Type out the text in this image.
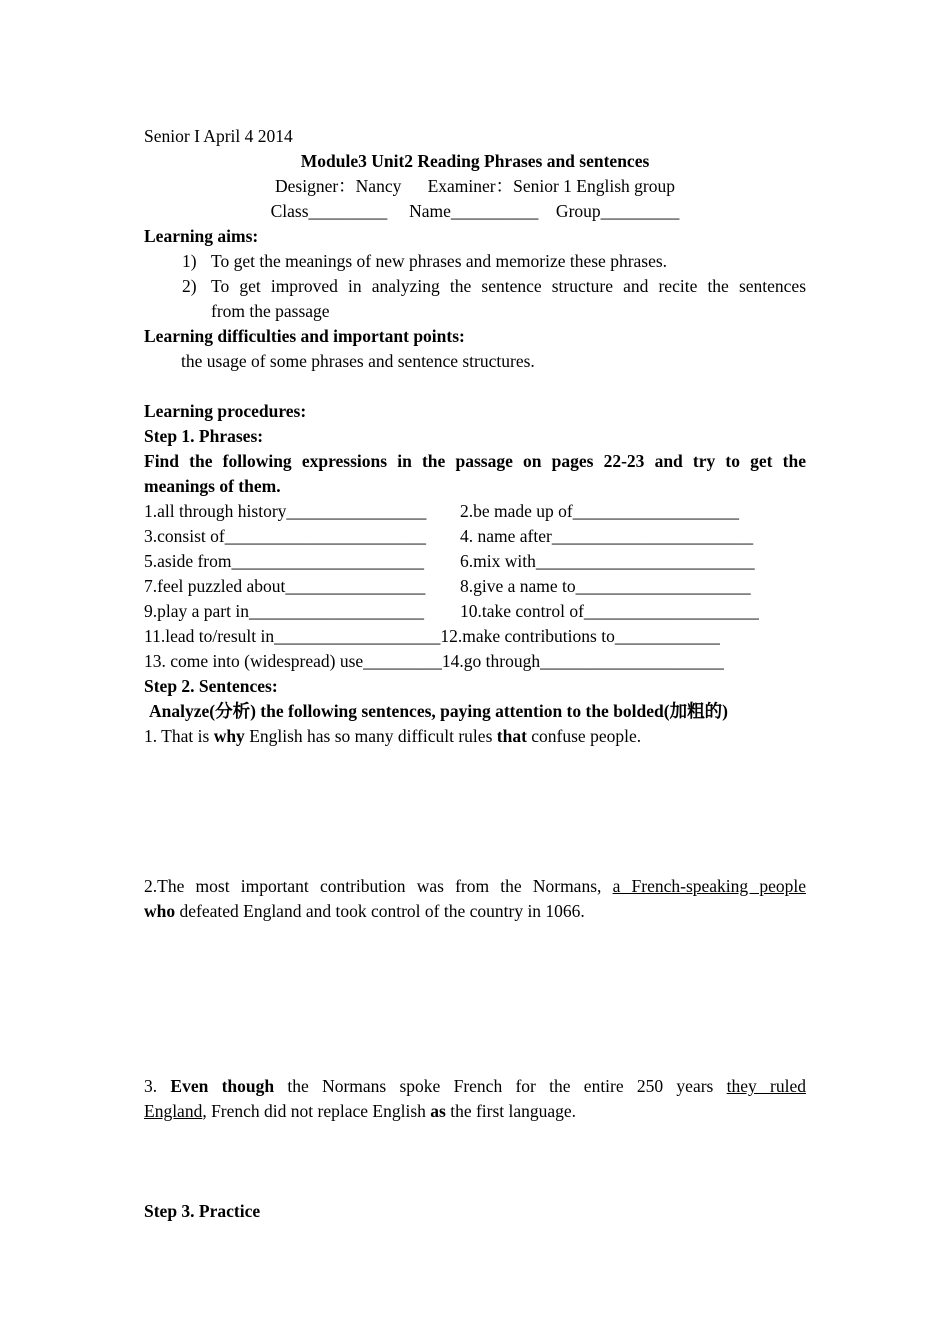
Senior I April 4 2014
Module3 Unit2 Reading Phrases and sentences
Designer：Nancy      Examiner：Senior 1 English group
Class_________     Name__________    Group_________
Learning aims:
1) To get the meanings of new phrases and memorize these phrases.
2) To get improved in analyzing the sentence structure and recite the sentences
from the passage
Learning difficulties and important points:
the usage of some phrases and sentence structures.
Learning procedures:
Step 1. Phrases:
Find the following expressions in the passage on pages 22-23 and try to get the
meanings of them.
1.all through history________________	2.be made up of___________________
3.consist of_______________________	4. name after_______________________
5.aside from______________________	6.mix with_________________________
7.feel puzzled about________________	8.give a name to____________________
9.play a part in____________________	10.take control of____________________
11.lead to/result in___________________12.make contributions to____________
13. come into (widespread) use_________14.go through_____________________
Step 2. Sentences:
Analyze(分析) the following sentences, paying attention to the bolded(加粗的)
1. That is why English has so many difficult rules that confuse people.
2.The most important contribution was from the Normans, a French-speaking people
who defeated England and took control of the country in 1066.
3. Even though the Normans spoke French for the entire 250 years they ruled
England, French did not replace English as the first language.
Step 3. Practice
